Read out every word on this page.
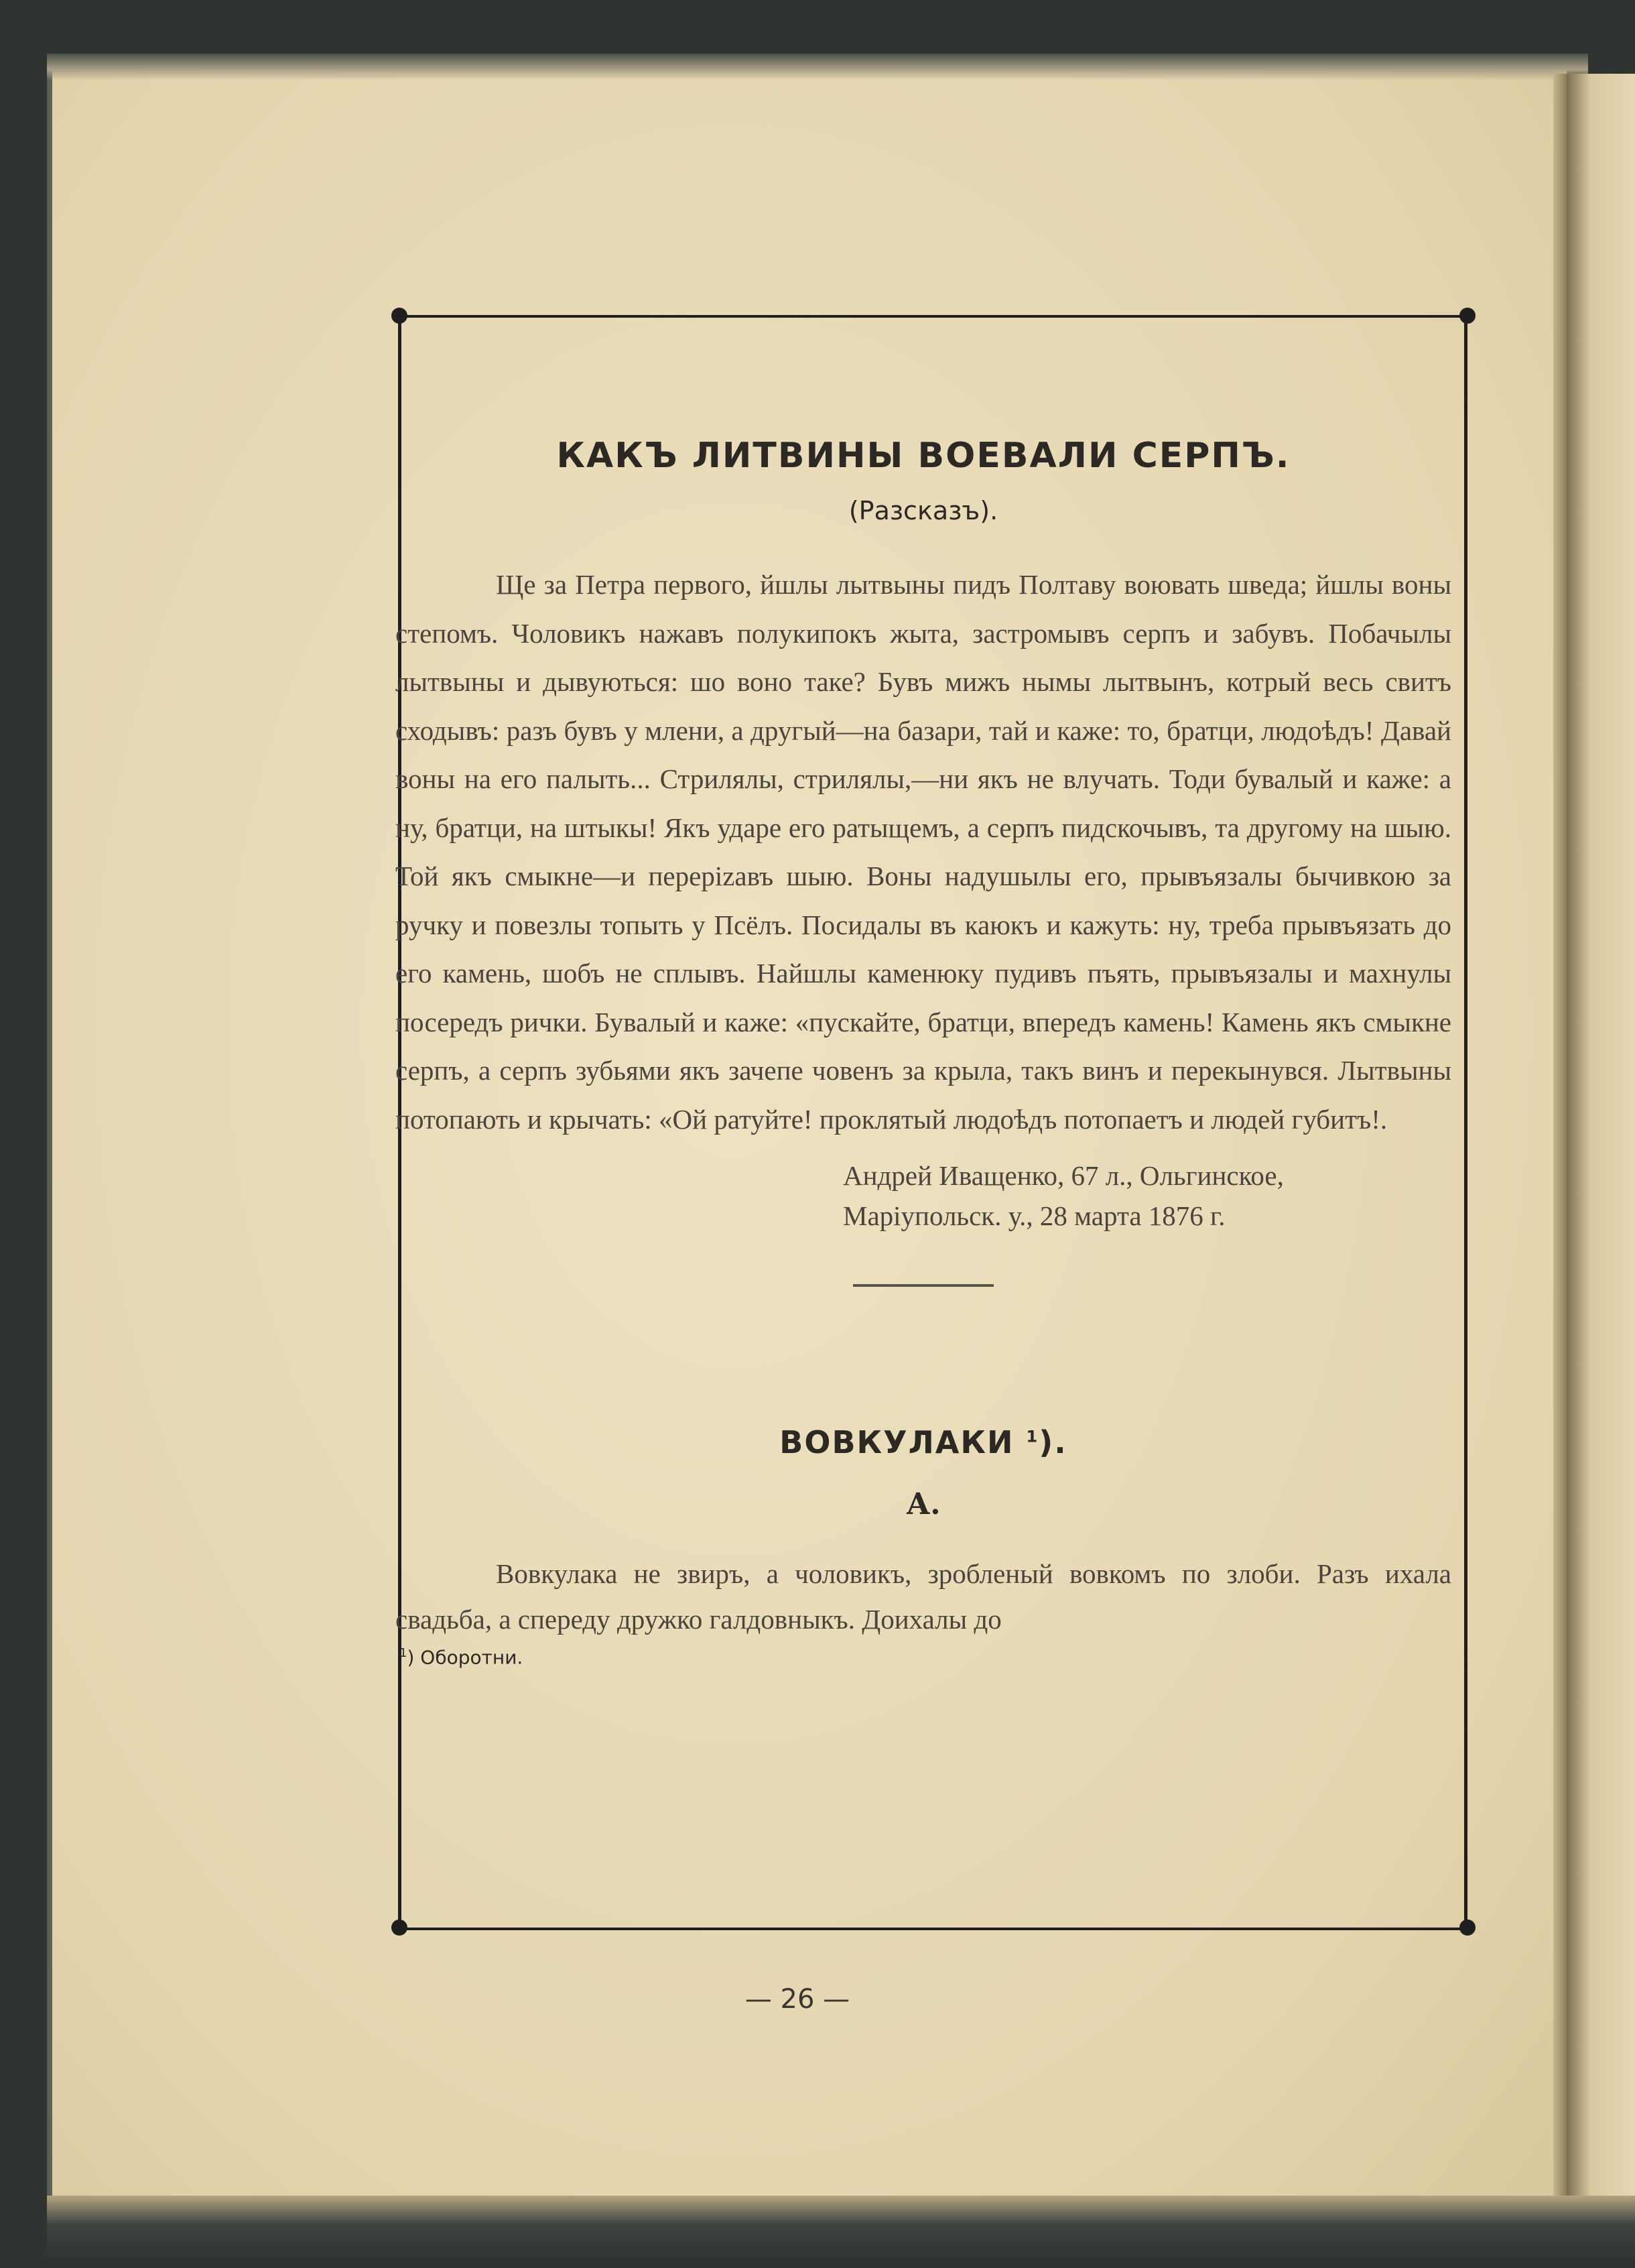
КАКЪ ЛИТВИНЫ ВОЕВАЛИ СЕРПЪ.
(Разсказъ).

Ще за Петра первого, йшлы лытвыны пидъ Полтаву воювать шведа; йшлы воны степомъ. Чоловикъ нажавъ полукипокъ жыта, застромывъ серпъ и забувъ. Побачылы лытвыны и дывуються: шо воно таке? Бувъ мижъ нымы лытвынъ, котрый весь свитъ сходывъ: разъ бувъ у млени, а другый—на базари, тай и каже: то, братци, людоѣдъ! Давай воны на его палыть... Стрилялы, стрилялы,—ни якъ не влучать. Тоди бувалый и каже: а ну, братци, на штыкы! Якъ ударе его ратыщемъ, а серпъ пидскочывъ, та другому на шыю. Той якъ смыкне—и перерizавъ шыю. Воны надушылы его, прывъязалы бычивкою за ручку и повезлы топыть у Псёлъ. Посидалы въ каюкъ и кажуть: ну, треба прывъязать до его камень, шобъ не сплывъ. Найшлы каменюку пудивъ пъять, прывъязалы и махнулы посередъ рички. Бувалый и каже: «пускайте, братци, впередъ камень! Камень якъ смыкне серпъ, а серпъ зубьями якъ зачепе човенъ за крыла, такъ винъ и перекынувся. Лытвыны потопають и крычать: «Ой ратуйте! проклятый людоѣдъ потопаетъ и людей губитъ!.

Андрей Иващенко, 67 л., Ольгинское,
Маріупольск. у., 28 марта 1876 г.
ВОВКУЛАКИ $^1$).
А.

Вовкулака не звиръ, а чоловикъ, зробленый вовкомъ по злоби. Разъ ихала свадьба, а спереду дружко галдовныкъ. Доихалы до

$^1$) Оборотни.
— 26 —
